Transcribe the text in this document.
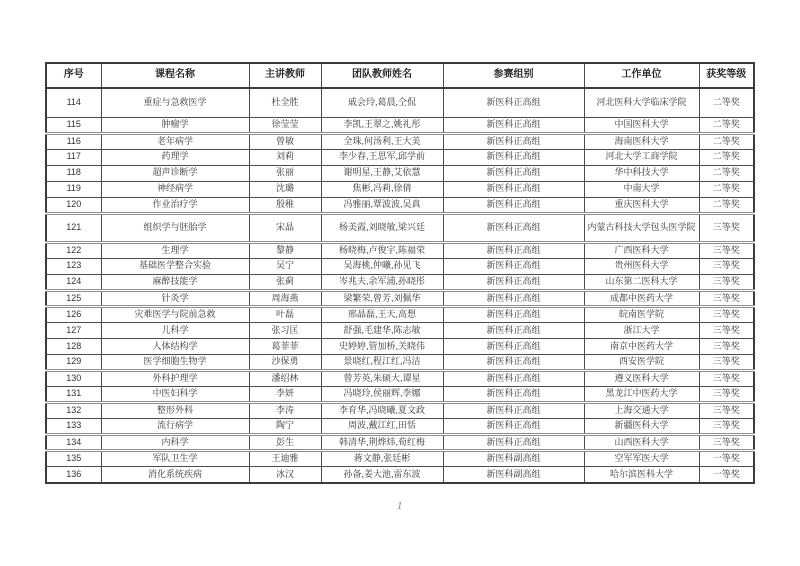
序号	课程名称	主讲教师	团队教师姓名	参赛组别	工作单位	获奖等级
114	重症与急救医学	杜全胜	戚会玲,葛晨,仝侃	新医科正高组	河北医科大学临床学院	二等奖
115	肿瘤学	徐莹莹	李凯,王翠之,姚礼彤	新医科正高组	中国医科大学	二等奖
116	老年病学	曾敏	全珠,何汤利,王大美	新医科正高组	海南医科大学	二等奖
117	药理学	刘莉	李少春,王思军,邱学前	新医科正高组	河北大学工商学院	二等奖
118	超声诊断学	张丽	谢明星,王静,艾依慧	新医科正高组	华中科技大学	二等奖
119	神经病学	沈璐	焦彬,冯莉,徐倩	新医科正高组	中南大学	二等奖
120	作业治疗学	殷稚	冯雅丽,覃波波,吴真	新医科正高组	重庆医科大学	二等奖
121	组织学与胚胎学	宋晶	杨美霞,刘晓敏,梁兴廷	新医科正高组	内蒙古科技大学包头医学院	三等奖
122	生理学	黎静	杨晓梅,卢俊宇,陈福荣	新医科正高组	广西医科大学	三等奖
123	基础医学整合实验	吴宁	吴海桃,仲曦,孙见飞	新医科正高组	贵州医科大学	三等奖
124	麻醉技能学	张蓟	岑兆夫,余军浦,孙晓彤	新医科正高组	山东第二医科大学	三等奖
125	针灸学	周海燕	梁繁荣,曾芳,刘佩华	新医科正高组	成都中医药大学	三等奖
126	灾难医学与院前急救	叶磊	邢晶磊,王天,高想	新医科正高组	皖南医学院	三等奖
127	儿科学	张习匡	舒强,毛建华,陈志敏	新医科正高组	浙江大学	三等奖
128	人体结构学	葛菲菲	史婷婷,管加桥,关晓伟	新医科正高组	南京中医药大学	三等奖
129	医学细胞生物学	沙保勇	景晓红,程江红,冯洁	新医科正高组	西安医学院	三等奖
130	外科护理学	潘绍林	曾芳英,朱硕大,谭星	新医科正高组	遵义医科大学	三等奖
131	中医妇科学	李妍	冯晓玲,侯丽辉,李娜	新医科正高组	黑龙江中医药大学	三等奖
132	整形外科	李涛	李育华,冯晓曦,夏文政	新医科正高组	上海交通大学	三等奖
133	流行病学	陶宁	周波,戴江红,田恬	新医科正高组	新疆医科大学	三等奖
134	内科学	彭生	韩清华,荆烨炜,荀红梅	新医科正高组	山西医科大学	三等奖
135	军队卫生学	王迪雅	蒋文静,张廷彬	新医科副高组	空军军医大学	一等奖
136	消化系统疾病	冰汉	孙备,姜大池,雷东波	新医科副高组	哈尔滨医科大学	一等奖
1
